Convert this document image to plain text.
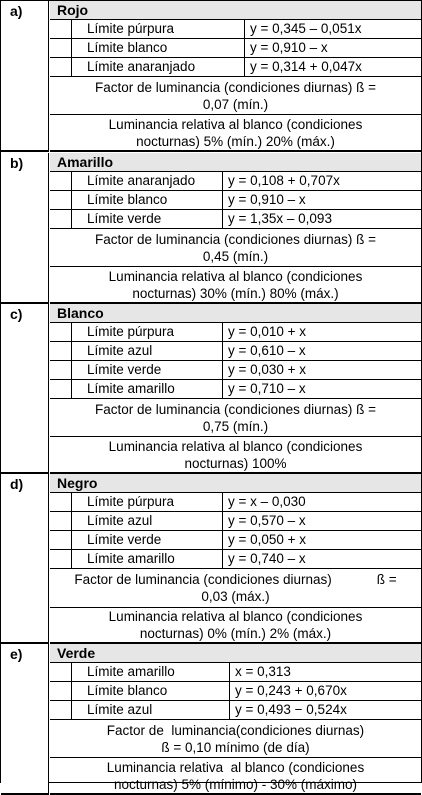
a)	Rojo
Límite púrpura	y = 0,345 – 0,051x
Límite blanco	y = 0,910 – x
Límite anaranjado	y = 0,314 + 0,047x
Factor de luminancia (condiciones diurnas) ß =
0,07 (mín.)
Luminancia relativa al blanco (condiciones
nocturnas) 5% (mín.) 20% (máx.)
b)	Amarillo
Límite anaranjado	y = 0,108 + 0,707x
Límite blanco	y = 0,910 – x
Límite verde	y = 1,35x – 0,093
Factor de luminancia (condiciones diurnas) ß =
0,45 (mín.)
Luminancia relativa al blanco (condiciones
nocturnas) 30% (mín.) 80% (máx.)
c)	Blanco
Límite púrpura	y = 0,010 + x
Límite azul	y = 0,610 – x
Límite verde	y = 0,030 + x
Límite amarillo	y = 0,710 – x
Factor de luminancia (condiciones diurnas) ß =
0,75 (mín.)
Luminancia relativa al blanco (condiciones
nocturnas) 100%
d)	Negro
Límite púrpura	y = x – 0,030
Límite azul	y = 0,570 – x
Límite verde	y = 0,050 + x
Límite amarillo	y = 0,740 – x
Factor de luminancia (condiciones diurnas)            ß =
0,03 (máx.)
Luminancia relativa al blanco (condiciones
nocturnas) 0% (mín.) 2% (máx.)
e)	Verde
Límite amarillo	x = 0,313
Límite blanco	y = 0,243 + 0,670x
Límite azul	y = 0,493 − 0,524x
Factor de  luminancia(condiciones diurnas)
ß = 0,10 mínimo (de día)
Luminancia relativa  al blanco (condiciones
nocturnas) 5% (mínimo) - 30% (máximo)
